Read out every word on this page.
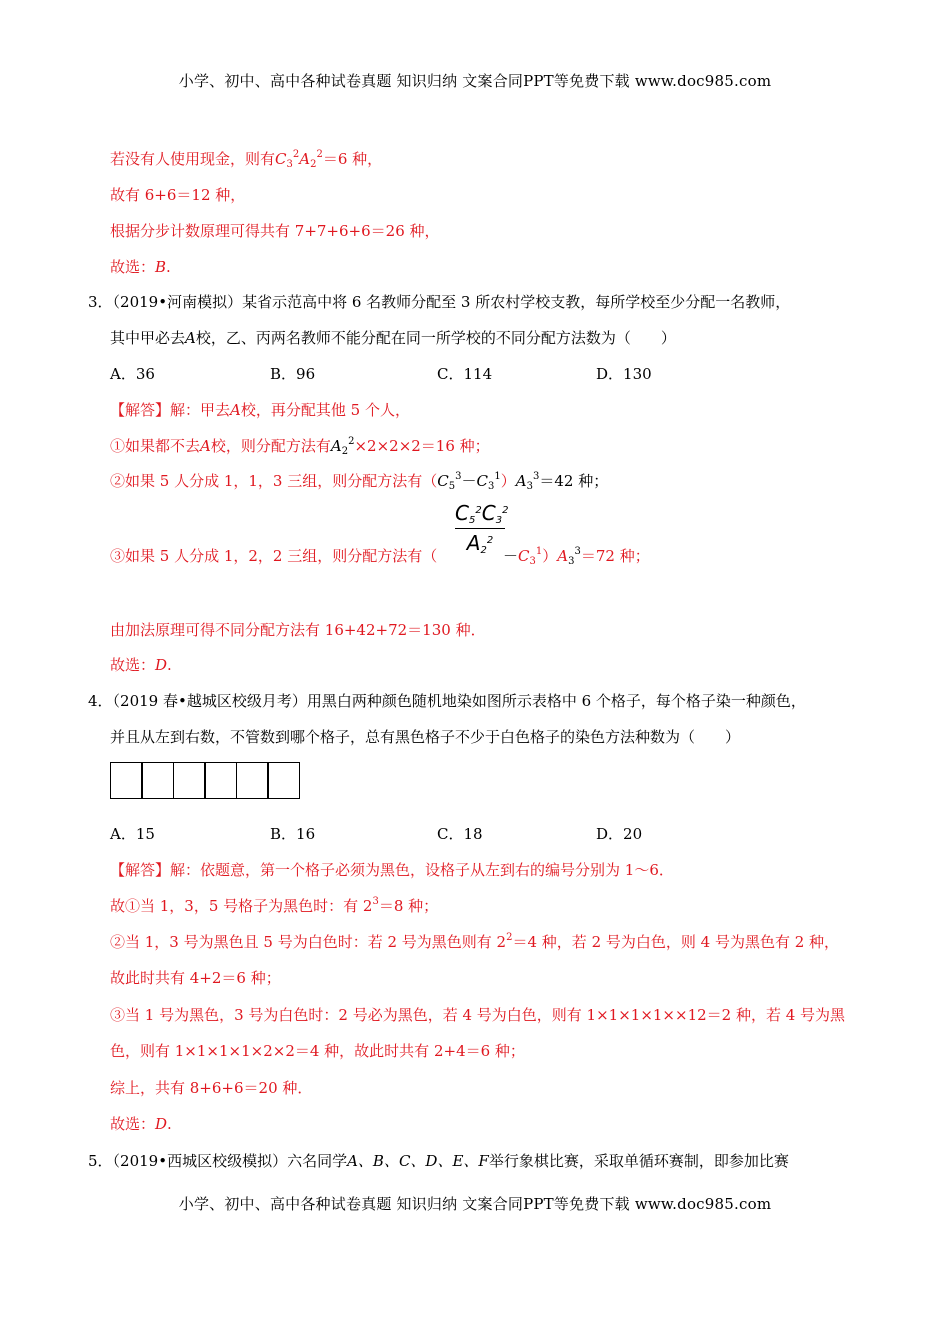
小学、初中、高中各种试卷真题 知识归纳 文案合同PPT等免费下载 www.doc985.com
若没有人使用现金，则有$C_3^2A_2^2=6$ 种，
故有 6+6＝12 种，
根据分步计数原理可得共有 7+7+6+6＝26 种，
故选：B.
3．（2019•河南模拟）某省示范高中将 6 名教师分配至 3 所农村学校支教，每所学校至少分配一名教师，
其中甲必去A校，乙、丙两名教师不能分配在同一所学校的不同分配方法数为（　　）
A．36	B．96	C．114	D．130
【解答】解：甲去A校，再分配其他 5 个人，
①如果都不去A校，则分配方法有$A_2^2\times 2\times 2\times 2=16$ 种；
②如果 5 人分成 1，1，3 三组，则分配方法有$(C_5^3-C_3^1)A_3^3=42$ 种；
$C_5^2C_3^2$
$A_2^2$
③如果 5 人分成 1，2，2 三组，则分配方法有（	$-C_3^1)A_3^3=72$ 种；
由加法原理可得不同分配方法有 16+42+72＝130 种．
故选：D.
4．（2019 春•越城区校级月考）用黑白两种颜色随机地染如图所示表格中 6 个格子，每个格子染一种颜色，
并且从左到右数，不管数到哪个格子，总有黑色格子不少于白色格子的染色方法种数为（　　）
A．15	B．16	C．18	D．20
【解答】解：依题意，第一个格子必须为黑色，设格子从左到右的编号分别为 1～6．
故①当 1，3，5 号格子为黑色时：有 $2^3=8$ 种；
②当 1，3 号为黑色且 5 号为白色时：若 2 号为黑色则有 $2^2=4$ 种，若 2 号为白色，则 4 号为黑色有 2 种，
故此时共有 4+2＝6 种；
③当 1 号为黑色，3 号为白色时：2 号必为黑色，若 4 号为白色，则有 1×1×1×1××12＝2 种，若 4 号为黑
色，则有 1×1×1×1×2×2＝4 种，故此时共有 2+4＝6 种；
综上，共有 8+6+6＝20 种．
故选：D.
5．（2019•西城区校级模拟）六名同学A、B、C、D、E、F举行象棋比赛，采取单循环赛制，即参加比赛
小学、初中、高中各种试卷真题 知识归纳 文案合同PPT等免费下载 www.doc985.com
